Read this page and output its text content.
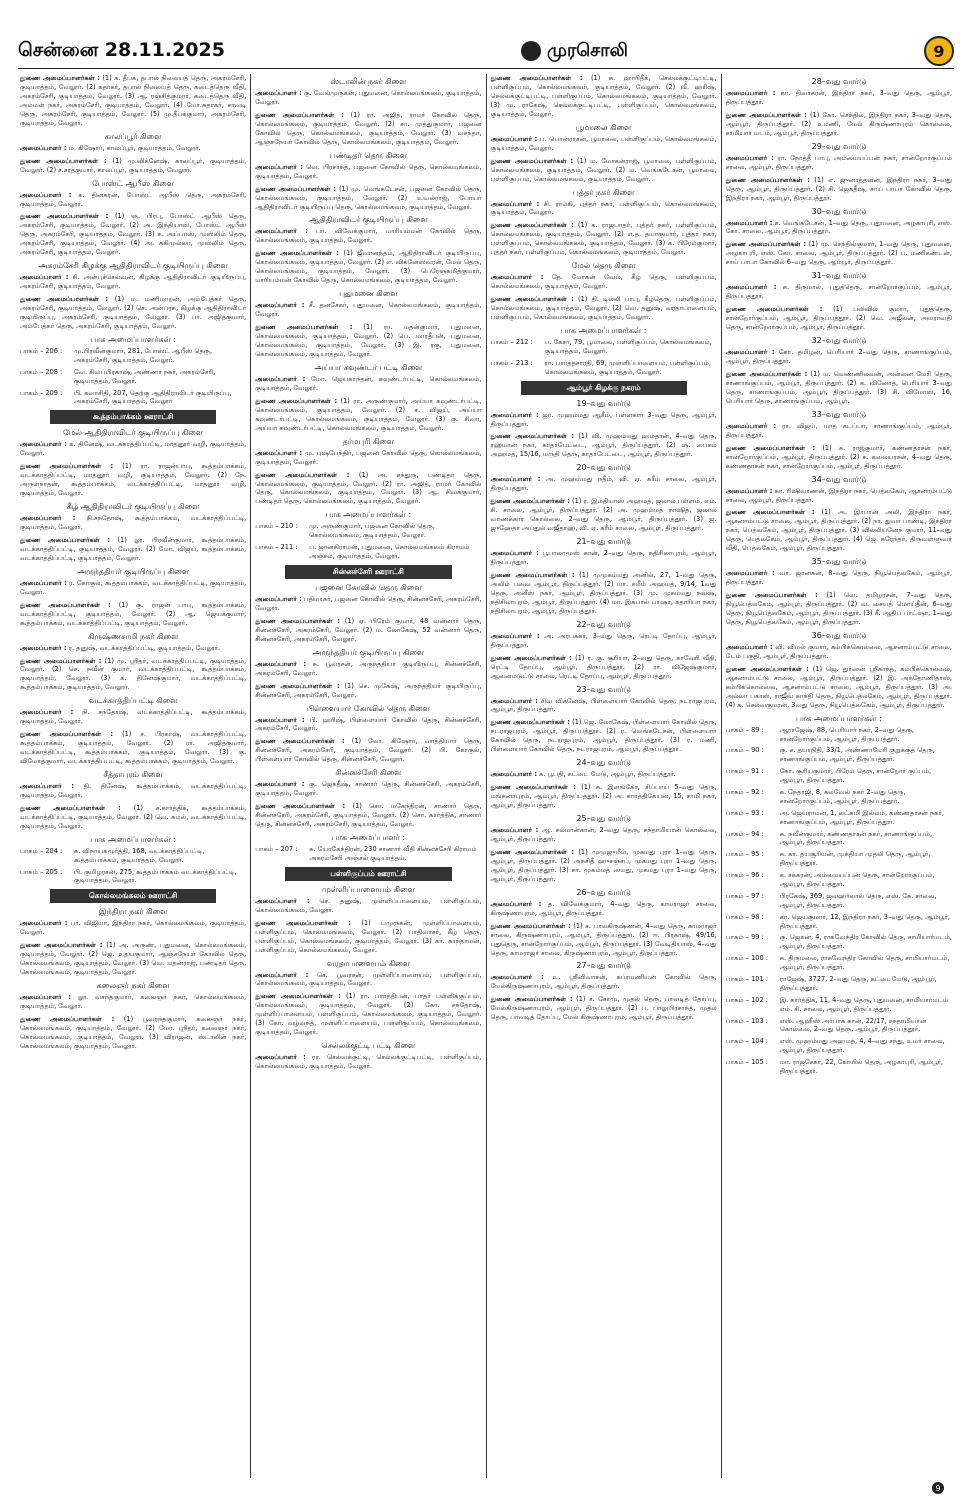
சென்னை 28.11.2025	முரசொலி	9

துணை அமைப்பாளர்கள் : (1) க. தீபக், தபால் நிலையத் தெரு, அகரம்சேரி, குடியாத்தம், வேலூர். (2) சுதாகர், தபால் நிலையத் தெரு, கடைத்தெரு வீதி, அகரம்சேரி, குடியாத்தம், வேலூர். (3) ஆ. ரஞ்சித்குமார், கடைத்தெரு வீதி, அம்மன் நகர், அகரம்சேரி, குடியாத்தம், வேலூர். (4) மோ.சுதாகர், சாவடி தெரு, அகரம்சேரி, குடியாத்தம், வேலூர். (5) மு.தீபக்குமார், அகரம்சேரி, குடியாத்தம், வேலூர்.

காலப்பூர் கிளை

அமைப்பாளர் : ம. கிஷோர், காலப்பூர், குடியாத்தம், வேலூர்.

துணை அமைப்பாளர்கள் : (1) மு.விக்னேஷ், காலப்பூர், குடியாத்தம், வேலூர். (2) ச.சரத்குமார், காலப்பூர், குடியாத்தம், வேலூர்.

போஸ்ட் ஆபீஸ் கிளை

அமைப்பாளர் : க. தினகரன், போஸ்ட் ஆபீஸ் தெரு, அகரம்சேரி, குடியாத்தம், வேலூர்.

துணை அமைப்பாளர்கள் : (1) ஞ. பிரபு, போஸ்ட் ஆபீஸ் தெரு, அகரம்சேரி, குடியாத்தம், வேலூர். (2) அ. இந்தியாஸ், போஸ்ட் ஆபீஸ் தெரு, அகரம்சேரி, குடியாத்தம், வேலூர். (3) க. அப்பாஸ், முஸ்லிம் தெரு, அகரம்சேரி, குடியாத்தம், வேலூர். (4) அ. சுகிமுல்லா, முஸ்லிம் தெரு, அகரம்சேரி, குடியாத்தம், வேலூர்.

அகரம்சேரி கிழக்கு ஆதிதிராவிடர் குடியிருப்பு கிளை

அமைப்பாளர் : சி. அன்புச்செல்வன், கிழக்கு ஆதிதிராவிடர் குடியிருப்பு, அகரம்சேரி, குடியாத்தம், வேலூர்.

துணை அமைப்பாளர்கள் : (1) ம. மணிமாறன், அம்பேத்கர் தெரு, அகரம்சேரி, குடியாத்தம், வேலூர். (2) செ. அன்பரசு, கிழக்கு ஆதிதிராவிடர் குடியிருப்பு, அகரம்சேரி, குடியாத்தம், வேலூர். (3) பா. அஜித்குமார், அம்பேத்கர் தெரு, அகரம்சேரி, குடியாத்தம், வேலூர்.

பாக அமைப்பாளர்கள் :
பாகம் – 206 :	மு.பிரவீன்குமார், 281, போஸ்ட் ஆபீஸ் தெரு, அகரம்சேரி, குடியாத்தம், வேலூர்.
பாகம் – 208 :	வே. சிவப்பிரகாஷ், அண்ணா நகர், அகரம்சேரி, குடியாத்தம், வேலூர்.
பாகம் – 209 :	பி. கவாசிதி, 207, தெற்கு ஆதிதிராவிடர் குடியிருப்பு, அகரம்சேரி, குடியாத்தம், வேலூர்
கூத்தம்பாக்கம் ஊராட்சி
மேல் ஆதிதிராவிடர் குடியிருப்பு கிளை

அமைப்பாளர் : க. தினேஷ், வடக்காத்திப்பட்டி, மாதனூர் வழி, குடியாத்தம், வேலூர்.

துணை அமைப்பாளர்கள் : (1) ரா. ராஜன்பாபு, கூத்தம்பாக்கம், வடக்காத்திப்பட்டி, மாதனூர் வழி, குடியாத்தம், வேலூர். (2) நே. அருள்நாதன், கூத்தம்பாக்கம், வடக்காத்திப்பட்டி, மாதனூர் வழி, குடியாத்தம், வேலூர்.

கீழ் ஆதிதிராவிடர் குடியிருப்பு கிளை

அமைப்பாளர் : நி.சந்தோஷ், கூத்தம்பாக்கம், வடக்காத்திப்பட்டி, குடியாத்தம், வேலூர்.

துணை அமைப்பாளர்கள் : (1) லூ. பிரவீன்குமார், கூத்தம்பாக்கம், வடக்காத்திப்பட்டி, குடியாத்தம், வேலூர். (2) மோ. விஜய், கூத்தம்பாக்கம், வடக்காத்திப்பட்டி, குடியாத்தம், வேலூர்.

அருந்ததியர் குடியிருப்பு கிளை

அமைப்பாளர் : ர. கோகுல், கூத்தம்பாக்கம், வடக்காத்திப்பட்டி, குடியாத்தம், வேலூர்.

துணை அமைப்பாளர்கள் : (1) கு. ராஜன் பாபு, கூத்தம்பாக்கம், வடக்காத்திப்பட்டி, குடியாத்தம், வேலூர். (2) ஆ. ஜெயக்குமார், கூத்தம்பாக்கம், வடக்காத்திப்பட்டி, குடியாத்தம், வேலூர்.

கிருஷ்ணசாமி நகர் கிளை

அமைப்பாளர் : ர. தனுஷ், வடக்காத்திப்பட்டி, குடியாத்தம், வேலூர்.

துணை அமைப்பாளர்கள் : (1) மு. ஸ்ரீதர், வடக்காத்திப்பட்டி, குடியாத்தம், வேலூர். (2) செ. நவீன் குமார், வடக்காத்திப்பட்டி, கூத்தம்பாக்கம், குடியாத்தம், வேலூர். (3) சு. தினேஷ்குமார், வடக்காத்திப்பட்டி, கூத்தம்பாக்கம், குடியாத்தம், வேலூர்.

வடக்காத்திப்பட்டி கிளை

அமைப்பாளர் : நி. சந்தோஷ், வடக்காத்திப்பட்டி, கூத்தம்பாக்கம், குடியாத்தம், வேலூர்.

துணை அமைப்பாளர்கள் : (1) ச. பிரகாஷ், வடக்காத்திப்பட்டி, கூத்தம்பாக்கம், குடியாத்தம், வேலூர். (2) ரா. அஜித்குமார், வடக்காத்திப்பட்டி, கூத்தம்பாக்கம், குடியாத்தம், வேலூர். (3) கு. விமோத்குமார், வடக்காத்திப்பட்டி, கூத்தம்பாக்கம், குடியாத்தம், வேலூர்.

சீத்தாபுரம் கிளை

அமைப்பாளர் : தி. தினேஷ், கூத்தம்பாக்கம், வடக்காத்திப்பட்டி, குடியாத்தம், வேலூர்.

துணை அமைப்பாளர்கள் : (1) ச.கார்த்திக், கூத்தம்பாக்கம், வடக்காத்திப்பட்டி, குடியாத்தம், வேலூர். (2) வெ. சுமல், வடக்காத்திப்பட்டி, குடியாத்தம், வேலூர்.

பாக அமைப்பாளர்கள் :
பாகம் – 204 :	க. விநாயகமூர்த்தி, 168, வடக்காத்திப்பட்டி, கூத்தம்பாக்கம், குடியாத்தம், வேலூர்.
பாகம் – 205 :	பி. குமிழரசன், 275, கூத்தம்பாக்கம் வடக்காத்திப்பட்டி, குடியாத்தம், வேலூர்.
கொல்லமங்கலம் ஊராட்சி
இந்திரா நகர் கிளை

அமைப்பாளர் : பா. விஜியா, இந்திரா நகர், கொல்லமங்கலம், குடியாத்தம், வேலூர்.

துணை அமைப்பாளர்கள் : (1) அ. அருண், புதுமனை, கொல்லமங்கலம், குடியாத்தம், வேலூர். (2) ஜெ. உதயகுமார், ஆஞ்சநேயர் கோவில் தெரு, கொல்லமங்கலம், குடியாத்தம், வேலூர். (3) வெ. மதன்ராஜ், பண்டிதர் தெரு, கொல்லமங்கலம், குடியாத்தம், வேலூர்.

கலைஞர் நகர் கிளை

அமைப்பாளர் : லூ. வசந்தகுமார், கலைஞர் நகர், கொல்லமங்கலம், குடியாத்தம், வேலூர்.

துணை அமைப்பாளர்கள் : (1) பூவரந்தகுமார், கலைஞர் நகர், கொல்லமங்கலம், குடியாத்தம், வேலூர். (2) மோ. ஸ்ரீதர், கலைஞர் நகர், கொல்லமங்கலம், குடியாத்தம், வேலூர். (3) விராஜன், ஸ்டாலின் நகர், கொல்லமங்கலம், குடியாத்தம், வேலூர்.

ஸ்டாலின் நகர் கிளை

அமைப்பாளர் : கு. வேல்முருகன், புதுமனை, கொல்லமங்கலம், குடியாத்தம், வேலூர்.

துணை அமைப்பாளர்கள் : (1) ரா. அஜித், ராமர் கோவில் தெரு, கொல்லமங்கலம், குடியாத்தம், வேலூர். (2) சா. முத்துகுமார், பஜனை கோவில் தெரு, கொல்லமங்கலம், குடியாத்தம், வேலூர். (3) வசந்தா, ஆஞ்சநேயர் கோவில் தெரு, கொல்லமங்கலம், குடியாத்தம், வேலூர்.

பண்டிதர் தெரு கிளை

அமைப்பாளர் : வெ. பிரசாந்த், பஜனை கோவில் தெரு, கொல்லமங்கலம், குடியாத்தம், வேலூர்.

துணை அமைப்பாளர்கள் : (1) மு. வெங்கடேசன், பஜனை கோவில் தெரு, கொல்லமங்கலம், குடியாத்தம், வேலூர். (2) உவல்ராஜ், போயர் ஆதிதிராவிடர் குடியிருப்பு தெரு, கொல்லமங்கலம், குடியாத்தம், வேலூர்.

ஆதிதிராவிடர் குடியிருப்பு கிளை

அமைப்பாளர் : பா. விவேக்குமார், மாரியம்மன் கோவில் தெரு, கொல்லமங்கலம், குடியாத்தம், வேலூர்.

துணை அமைப்பாளர்கள் : (1) ஜீவானந்தம், ஆதிதிராவிடர் குடியிருப்பு, கொல்லமங்கலம், குடியாத்தம், வேலூர். (2) எ. விக்னேஸ்வரன், மேல் தெரு, கொல்லமங்கலம், குடியாத்தம், வேலூர். (3) பெரேஞ்சுமித்குமார், மாரியம்மன் கோவில் தெரு, கொல்லமங்கலம், குடியாத்தம், வேலூர்.

புதுமனை கிளை

அமைப்பாளர் : சீ. தனசேகர், புதுமனை, கொல்லமங்கலம், குடியாத்தம், வேலூர்.

துணை அமைப்பாளர்கள் : (1) ரா. மதன்குமார், புதுமனை, கொல்லமங்கலம், குடியாத்தம், வேலூர். (2) பெ. மாரதீபன், புதுமனை, கொல்லமங்கலம், குடியாத்தம், வேலூர். (3) இ. ரகு, புதுமனை, கொல்லமங்கலம், குடியாத்தம், வேலூர்.

அய்யா கவுண்டர் பட்டி கிளை

அமைப்பாளர் : மோ. ஜெயகாந்தன், கவுண்டர்பட்டி, கொல்லமங்கலம், குடியாத்தம், வேலூர்.

துணை அமைப்பாளர்கள் : (1) ரா. அருண்குமார், அய்யா கவுண்டர்பட்டி, கொல்லமங்கலம், குடியாத்தம், வேலூர். (2) ச. விஜய், அய்யா கவுண்டர்பட்டி, கொல்லமங்கலம், குடியாத்தம், வேலூர். (3) கு. சிவா, அய்யா கவுண்டர்பட்டி, கொல்லமங்கலம், குடியாத்தம், வேலூர்.

தர்மபுரி கிளை

அமைப்பாளர் : மு. புஷ்பேந்திர், பஜனை கோவில் தெரு, கொல்லமங்கலம், குடியாத்தம், வேலூர்.

துணை அமைப்பாளர்கள் : (1) அ. சந்துரு, பண்டிதர் தெரு, கொல்லமங்கலம், குடியாத்தம், வேலூர். (2) ரா. அஜித், ராமர் கோவில் தெரு, கொல்லமங்கலம், குடியாத்தம், வேலூர். (3) ஆ. சிவக்குமார், பண்டிதர் தெரு, கொல்லமங்கலம், குடியாத்தம், வேலூர்.

பாக அமைப்பாளர்கள் :
பாகம் – 210 :	மு. அருண்குமார், பஜனை கோவில் தெரு, கொல்லமங்கலம், குடியாத்தம், வேலூர்.
பாகம் – 211 :	ப. ஜானகிராமன், புதுமனை, கொல்லமங்கலம் கிராமம் அஞ்சல், குடியாத்தம், வேலூர்.
சின்னச்சேரி ஊராட்சி
பஜனை கோவில் தெரு கிளை

அமைப்பாளர் : பதிமாசுர், பஜனை கோவில் தெரு, சின்னச்சேரி, அகரம்சேரி, வேலூர்.

துணை அமைப்பாளர்கள் : (1) ஏ. பிரேம் குமார், 48 வன்னார் தெரு, சின்னச்சேரி, அகரம்சேரி, வேலூர். (2) ம. லோகேஷ், 52 வன்னார் தெரு, சின்னச்சேரி, அகரம்சேரி, வேலூர்.

அருந்ததியர் குடியிருப்பு கிளை

அமைப்பாளர் : சு. பூவரசன், அருந்ததியர் குடியிருப்பு, சின்னச்சேரி, அகரம்சேரி, வேலூர்.

துணை அமைப்பாளர்கள் : (1) செ. முகேஷ், அருந்ததியர் குடியிருப்பு, சின்னச்சேரி, அகரம்சேரி, வேலூர்.

பிள்ளையார் கோவில் தெரு கிளை

அமைப்பாளர் : பி. ஹரிஷ், பிள்ளையார் கோவில் தெரு, சின்னச்சேரி, அகரம்சேரி, வேலூர்.

துணை அமைப்பாளர்கள் : (1) லோ. கிஷோர், வாத்தியார் தெரு, சின்னச்சேரி, அகரம்சேரி, குடியாத்தம், வேலூர். (2) பி. கோகுல், பிள்ளையார் கோவில் தெரு, சின்னச்சேரி, வேலூர்.

சின்னச்சேரி கிளை

அமைப்பாளர் : கு. ஜெகதீஷ், சாணார் தெரு, சின்னச்சேரி, அகரம்சேரி, குடியாத்தம், வேலூர்.

துணை அமைப்பாளர்கள் : (1) சொ. மகேந்திரன், சாணார் தெரு, சின்னச்சேரி, அகரம்சேரி, குடியாத்தம், வேலூர். (2) சொ. கார்த்திக், சாணார் தெரு, சின்னச்சேரி, அகரம்சேரி, குடியாத்தம், வேலூர்.

பாக அமைப்பாளர் :
பாகம் – 207 :	சு. யோகேந்திரன், 230 சாணார் வீதி சின்னச்சேரி கிராமம் அகரம்சேரி அஞ்சல் குடியாத்தம்.
பள்ளிகுப்பம் ஊராட்சி
முள்ளிப்பாளையம் கிளை

அமைப்பாளர் : செ. தனுஷ், முள்ளிப்பாளையம், பள்ளிகுப்பம், கொல்லமங்கலம், வேலூர்.

துணை அமைப்பாளர்கள் : (1) பமுருகன், முள்ளிப்பாளையம், பள்ளிகுப்பம், கொல்லமங்கலம், வேலூர். (2) பாதிவாசர், கீழ் தெரு, பள்ளிகுப்பம், கொல்லமங்கலம், குடியாத்தம், வேலூர். (3) கா. காந்தாமன், பள்ளிகுப்பம், கொல்லமங்கலம், வேலூர்.

வரதாபாளையம் கிளை

அமைப்பாளர் : செ. பூவரசன், முள்ளிப்பாளையம், பள்ளிகுப்பம், கொல்லமங்கலம், குடியாத்தம், வேலூர்.

துணை அமைப்பாளர்கள் : (1) ரா. பார்த்திபன், பாதர் பள்ளிக்குப்பம், கொல்லமங்கலம், குடியாத்தம், வேலூர். (2) கோ. சந்தோஷ், முள்ளிப்பாளையம், பள்ளிகுப்பம், கொல்லமங்கலம், குடியாத்தம், வேலூர். (3) கோ. வழ்வந்த், முள்ளிப்பாளையம், பள்ளிகுப்பம், கொல்லமங்கலம், குடியாத்தம், வேலூர்.

செல்லக்குட்டி பட்டி கிளை

அமைப்பாளர் : ரா. செல்வக்குட்டி, செல்லக்குட்டிபட்டி, பள்ளிகுப்பம், கொல்லமங்கலம், குடியாத்தம், வேலூர்.

துணை அமைப்பாளர்கள் : (1) சு. ஹாரிதீக், செல்லக்குட்டிபட்டி, பள்ளிகுப்பம், கொல்லமங்கலம், குடியாத்தம், வேலூர். (2) வீ. ஹரிஷ், செல்லக்குட்டிபட்டி, பள்ளிகுப்பம், கொல்லமங்கலம், குடியாத்தம், வேலூர். (3) மு. ராகேஷ், செல்லக்குட்டிபட்டி, பள்ளிகுப்பம், கொல்லமங்கலம், குடியாத்தம், வேலூர்.

பூமாலை கிளை

அமைப்பாளர் : ப. பொன்ராசன், பூமாலை, பள்ளிகுப்பம், கொல்லமங்கலம், குடியாத்தம், வேலூர்.

துணை அமைப்பாளர்கள் : (1) ம. மோகன்ராஜ், பூமாலை, பள்ளிகுப்பம், கொல்லமங்கலம், குடியாத்தம், வேலூர். (2) ம. வெங்கடேசன், பூமாலை, பள்ளிகுப்பம், கொல்லமங்கலம், குடியாத்தம், வேலூர்.

புத்தர் நகர் கிளை

அமைப்பாளர் : சி. ராம்கி, புத்தர் நகர், பள்ளிகுப்பம், கொல்லமங்கலம், குடியாத்தம், வேலூர்.

துணை அமைப்பாளர்கள் : (1) க. ராஜபாதர், புத்தர் நகர், பள்ளிகுப்பம், கொல்லமங்கலம், குடியாத்தம், வேலூர். (2) எ.த. தயாகுமார், புத்தர் நகர், பள்ளிகுப்பம், கொல்லமங்கலம், குடியாத்தம், வேலூர். (3) க. பிரேம்குமார், புத்தர் நகர், பள்ளிகுப்பம், கொல்லமங்கலம், குடியாத்தம், வேலூர்.

மேல் தெரு கிளை

அமைப்பாளர் : தே. மோகன் வேல், கீழ் தெரு, பள்ளிகுப்பம், கொல்லமங்கலம், குடியாத்தம், வேலூர்.

துணை அமைப்பாளர்கள் : (1) தி. டில்லி பாபு, கீழ்தெரு, பள்ளிகுப்பம், கொல்லமங்கலம், குடியாத்தம், வேலூர். (2) வெ. தனுஷ், வரதாபாளையம், பள்ளிகுப்பம், கொல்லமங்கலம், குடியாத்தம், வேலூர்.

பாக அமைப்பாளர்கள் :
பாகம் – 212 :	ப. கேசர், 79, பூமாலை, பள்ளிகுப்பம், கொல்லமங்கலம், குடியாத்தம், வேலூர்.
பாகம் – 213 :	ரா. பார்த்தசாரதி, 69, முள்ளிப்பாளையம், பள்ளிகுப்பம், கொல்லமங்கலம், குடியாத்தம், வேலூர்.
ஆம்பூர் கிழக்கு நகரம்
19–வது வார்டு

அமைப்பாளர் : ஜா. முஹம்மது ஆசீம், பள்ளகார் 3–வது தெரு, ஆம்பூர், திருப்பத்தூர்.

துணை அமைப்பாளர்கள் : (1) வி. முஹம்மது ஹம்தான், 4–வது தெரு, ரஹ்மான் நகர், காதர்பேட்டை, ஆம்பூர், திருப்பத்தூர். (2) ஷ. பைசல் அஹமத், 15/16, மருதி தெரு, காதர்பேட்டை, ஆம்பூர், திருப்பத்தூர்.

20–வது வார்டு

அமைப்பாளர் : அ. முஹம்மது நதீம், வி. ஏ. கரீம் சாலை, ஆம்பூர், திருப்பத்தூர்.

துணை அமைப்பாளர்கள் : (1) ர. இம்தியாஸ் அஹமத், ஜலால் பள்ளம், எம். சி. சாலை, ஆம்பூர், திருப்பத்தூர். (2) அ. முஹம்மத் நாஷித், ஜலால் வாணக்கார கொல்லை, 2–வது தெரு, ஆம்பூர், திருப்பத்தூர். (3) ஜ. ஜுஹேதா அப்துல் வஜீதாஹ், வி. ஏ. கரீம் சாலை, ஆம்பூர், திருப்பத்தூர்.

21–வது வார்டு

அமைப்பாளர் : பூபாலாமூஸ் கான், 2–வது தெரு, நதிசிலாபுரம், ஆம்பூர், திருப்பத்தூர்.

துணை அமைப்பாளர்கள் : (1) முமுகம்மது அனில், 27, 1–வது தெரு, அலிம் பவை ஆம்பூர், திருப்பத்தூர். (2) யா. சமீம் அஹமத், 9/14, 1வது தெரு, அனீஸ் நகர், ஆம்பூர், திருப்பத்தூர். (3) மு. முகம்மது நவ்ஷ், நதிசிலாபுரம், ஆம்பூர், திருப்பத்தூர். (4) மா. இக்பால் பாஷா, சுதாரிபா நகர், நதிசிலாபுரம், ஆம்பூர், திருப்பத்தூர்.

22–வது வார்டு

அமைப்பாளர் : அ. அரபக்கர், 3–வது தெரு, ரெட்டி தோப்பு, ஆம்பூர், திருப்பத்தூர்.

துணை அமைப்பாளர்கள் : (1) ர. கு. சூரியா, 2–வது தெரு, காவேரி வீதி, ரெட்டி தோப்பு, ஆம்பூர், திருப்பத்தூர். (2) ரா. விஜேஷ்குமார், ஆனைமடுட்டு சாலை, ரெட்டி தோப்பு, ஆம்பூர், திருப்பத்தூர்.

23–வது வார்டு

அமைப்பாளர் : சிவ விக்னேஷ், பிள்ளையார் கோவில் தெரு, நடராஜபுரம், ஆம்பூர், திருப்பத்தூர்.

துணை அமைப்பாளர்கள் : (1) ஜெ. லோகேஷ், பிள்ளையார் கோவில் தெரு, நடராஜபுரம், ஆம்பூர், திருப்பத்தூர். (2) ர. வெங்கடேசன், பிள்ளையார் கோவில் தெரு, நடராஜபுரம், ஆம்பூர், திருப்பத்தூர். (3) ர. மணி, பிள்ளையார் கோவில் தெரு, நடராஜபுரம், ஆம்பூர், திருப்பத்தூர்.

24–வது வார்டு

அமைப்பாளர் : சு. பூபதி, கட்டை மேடு, ஆம்பூர், திருப்பத்தூர்.

துணை அமைப்பாளர்கள் : (1) சு. இளங்கோ, சிப்பாய் 5–வது தெரு, மங்கனாபுரம், ஆம்பூர், திருப்பத்தூர். (2) அ. கார்த்திகேயன், 15, சாமி நகர், ஆம்பூர், திருப்பத்தூர்.

25–வது வார்டு

அமைப்பாளர் : ஆ. சல்மான்கான், 2–வது தெரு, சந்தாமியான் கொல்லை, ஆம்பூர், திருப்பத்தூர்.

துணை அமைப்பாளர்கள் : (1) முமுஜுமீம், முகமது புரா 1–வது தெரு, ஆம்பூர், திருப்பத்தூர். (2) அநசிதீ ஹுசஞ்சப், முகமது புரா 1–வது தெரு, ஆம்பூர், திருப்பத்தூர். (3) சா. முகம்மத் ஸமது, முகமது புரா 1–வது தெரு, ஆம்பூர், திருப்பத்தூர்.

26–வது வார்டு

அமைப்பாளர் : த. விவேக்குமார், 4–வது தெரு, காமராஜர் சாலை, கிருஷ்ணாபுரம், ஆம்பூர், திருப்பத்தூர்.

துணை அமைப்பாளர்கள் : (1) ச. பாலகிருஷ்ணன், 4–வது தெரு, காமராஜர் சாலை, கிருஷ்ணாபுரம், ஆம்பூர், திருப்பத்தூர். (2) ஈ. பிரகாஷ், 49/16, புதுதெரு, சான்றோர்குப்பம், ஆம்பூர், திருப்பத்தூர். (3) வேடிதியாஸ், 4–வது தெரு, காமராஜர் சாலை, கிருஷ்ணாபுரம், ஆம்பூர், திருப்பத்தூர்.

27–வது வார்டு

அமைப்பாளர் : உ. ஸ்ரீனிவாசன், சுப்ரமணியன் கோவில் தெரு, மேல்கிருஷ்ணாபுரம், ஆம்பூர், திருப்பத்தூர்.

துணை அமைப்பாளர்கள் : (1) ச. சோமு, முதல் தெரு, பாவடித் தோப்பு, மேல்கிருஷ்ணாபுரம், ஆம்பூர், திருப்பத்தூர். (2) ப. பாலுபிரசாந்த், முதல் தெரு, பாவடித் தோப்பு, மேல் கிருஷ்ணாபுரம், ஆம்பூர், திருப்பத்தூர்.

28–வது வார்டு

அமைப்பாளர் : கா. திவாகரன், இந்திரா நகர், 3–வது தெரு, ஆம்பூர், திருப்பத்தூர்.

துணை அமைப்பாளர்கள் : (1) கோ. செந்தில், இந்திரா நகர், 3–வது தெரு, ஆம்பூர், திருப்பத்தூர். (2) உமணி, மேல் கிருஷ்ணாபுரம் கொல்லை, சாமியார் மடம், ஆம்பூர், திருப்பத்தூர்.

29–வது வார்டு

அமைப்பாளர் : ரா. நோத்தீ பாபு, அம்மையப்பன் நகர், சான்றோர்குப்பம் சாலை, ஆம்பூர், திருப்பத்தூர்.

துணை அமைப்பாளர்கள் : (1) எ. ஜுனாத்தனன், இந்திரா நகர், 3–வது தெரு, ஆம்பூர், திருப்பத்தூர். (2) சி. ஜெகதீஷ், சாய் பாபா கோவில் தெரு, இந்திரா நகர், ஆம்பூர், திருப்பத்தூர்.

30–வது வார்டு

அமைப்பாளர் : ச. வெங்கடேசன், 1–வது தெரு, புதுமனை, அழகாபுரி, எஸ். கோ. சாலை, ஆம்பூர், திருப்பத்தூர்.

துணை அமைப்பாளர்கள் : (1) மு. செந்தில்குமார், 1–வது தெரு, புதுமனை, அழகாபுரி, எஸ். கோ. சாலை, ஆம்பூர், திருப்பத்தூர். (2) ப. மணிகண்டன், சாய் பாபா கோவில் 6–வது தெரு, ஆம்பூர், திருப்பத்தூர்.

31–வது வார்டு

அமைப்பாளர் : சு. திருமால், புதுத்தெரு, சான்றோர்குப்பம், ஆம்பூர், திருப்பத்தூர்.

துணை அமைப்பாளர்கள் : (1) பலிவில் குமார், புதுத்தெரு, சான்றோர்குப்பம், ஆம்பூர், திருப்பத்தூர். (2) வெ. அஜீலன், அமராவதி தெரு, சான்றோர்குப்பம், ஆம்பூர், திருப்பத்தூர்.

32–வது வார்டு

அமைப்பாளர் : கோ. தமிழன், பெரியார் 2–வது தெரு, சாணாங்குப்பம், ஆம்பூர், திருப்பத்தூர்.

துணை அமைப்பாளர்கள் : (1) ம. வெண்ணிலவன், அன்னை மேரி தெரு, சாணாங்குப்பம், ஆம்பூர், திருப்பத்தூர். (2) க. வினோத், பெரியார் 3–வது தெரு, சாணாங்குப்பம், ஆம்பூர், திருப்பத்தூர். (3) சி. விமோஸ், 16, பெரியார் தெரு, சாணாங்குப்பம், ஆம்பூர்.

33–வது வார்டு

அமைப்பாளர் : ரா. விஜய், மாத கடப்பா, சாணாங்குப்பம், ஆம்பூர், திருப்பத்தூர்.

துணை அமைப்பாளர்கள் : (1) சு. ராஜ்குமார், கண்ணதாசன் நகர், சான்றோர்குப்பம், ஆம்பூர், திருப்பத்தூர். (2) க. கலையரசன், 4–வது தெரு, கண்ணதாசன் நகர், சான்றோர்குப்பம், ஆம்பூர், திருப்பத்தூர்.

34–வது வார்டு

அமைப்பாளர் : கா. ரிஷிவாணன், இந்திரா நகர், பெத்லகேம், ஆசனாம்பட்டு சாலை, ஆம்பூர், திருப்பத்தூர்.

துணை அமைப்பாளர்கள் : (1) அ. இர்பான் அலி, இந்திரா நகர், ஆசனாம்பட்டு சாலை, ஆம்பூர், திருப்பத்தூர். (2) நா. துவா பாண்டி, இந்திரா நகர், பெத்லகேம், ஆம்பூர், திருப்பத்தூர். (3) வில்லியனேந் குமார், 11–வது தெரு, பெத்லகேம், ஆம்பூர், திருப்பத்தூர். (4) ஜெ. சுரேந்தர், திருவள்ளுவர் வீதி, பெத்லகேம், ஆம்பூர், திருப்பத்தூர்.

35–வது வார்டு

அமைப்பாளர் : வா. ஜானகன், 8–வது தெரு, நியூபெத்லகேம், ஆம்பூர், திருப்பத்தூர்.

துணை அமைப்பாளர்கள் : (1) வெ. தமிழரசன், 7–வது தெரு, நியூபெத்லகேம், ஆம்பூர், திருப்பத்தூர். (2) வ. சையத் மொய்தீன், 6–வது தெரு, நியூபெத்லகேம், ஆம்பூர், திருப்பத்தூர். (3) சீ. ஆதிப் பாட்ஷா, 1–வது தெரு, நியூபெத்லகேம், ஆம்பூர், திருப்பத்தூர்.

36–வது வார்டு

அமைப்பாளர் : வி. விமல் குமார், கம்பிக்கொல்லை, ஆசனாம்பட்டு சாலை, டேம் பகுதி, ஆம்பூர், திருப்பத்தூர்.

துணை அமைப்பாளர்கள் : (1) ஜெ. துர்ஸன் ஸ்ரீகாந்த், கம்பிக்கொல்லை, ஆசனாம்பட்டு சாலை, ஆம்பூர், திருப்பத்தூர். (2) இ. அந்தோணிதாஸ், கம்பிக்கொல்லை, ஆசனாம்பட்டு சாலை, ஆம்பூர், திருப்பத்தூர். (3) அ. அல்லா பகாஸ், ராஜீவ் காந்தி தெரு, நியூபெத்லகேம், ஆம்பூர், திருப்பத்தூர். (4) க. செல்வகுமரன், 3வது தெரு, நியூபெத்லகேம், ஆம்பூர், திருப்பத்தூர்.

பாக அமைப்பாளர்கள் :
பாகம் – 89 :	ஆராஜேஷ், 88, பெரியார் நகர், 2–வது தெரு, சான்றோர்குப்பம், ஆம்பூர், திருப்பத்தூர்.
பாகம் – 90 :	கு. ச. தயாநிதி, 33/1, அண்ணாமேரி குறுக்குத் தெரு, சாணாங்குப்பம், ஆம்பூர், திருப்பத்தூர்.
பாகம் – 91 :	கோ. சூரியகுமார், பிரேம் தெரு, சான்றோர் குப்பம், ஆம்பூர், திருப்பத்தூர்.
பாகம் – 92 :	க. நேதாஜி, 8, கலவேல் நகர் 2–வது தெரு, சான்றோர்குப்பம், ஆம்பூர், திருப்பத்தூர்.
பாகம் – 93 :	அ. ஜெயராமன், 1, லட்சுமி இல்லம், கண்ணதாசன் நகர், சாணாங்குப்பம், ஆம்பூர், திருப்பத்தூர்.
பாகம் – 94 :	சு. நவீன்குமார், கண்ணதாசன் நகர், சாணாங்குப்பம், ஆம்பூர், திருப்பத்தூர்.
பாகம் – 95 :	க. கா. தயசூரியன், முக்தியா முதலி தெரு, ஆம்பூர், திருப்பத்தூர்.
பாகம் – 96 :	க. சக்கரன், அம்மையப்பன் தெரு, சான்றோர்குப்பம், ஆம்பூர், திருப்பத்தூர்.
பாகம் – 97 :	பிரகேஷ், 369, ஜவஹர்லால் தெரு, எஸ். கே. சாலை, ஆம்பூர், திருப்பத்தூர்.
பாகம் – 98 :	கா. ஜெயகுமார், 12, இந்திரா நகர், 3–வது தெரு, ஆம்பூர், திருப்பத்தூர்.
பாகம் – 99 :	கு. ஜெகன், 4, ராகவேந்திர கோவில் தெரு, சாமியார்மடம், ஆம்பூர், திருப்பத்தூர்.
பாகம் – 100 :	க. திருமலை, ராகவேந்திர கோவில் தெரு, சாமியார்மடம், ஆம்பூர், திருப்பத்தூர்.
பாகம் – 101 :	ராஜேஷ், 3727, 2–வது தெரு, கட்டைமேடு, ஆம்பூர், திருப்பத்தூர்.
பாகம் – 102 :	இ. கார்த்திக், 11, 4–வது தெரு, புதுமனை, சாமியார்மடம் எம். சி. சாலை, ஆம்பூர், திருப்பத்தூர்.
பாகம் – 103 :	எஸ். ஆஹீஸ் அர்பாக் கான், 22/17, சந்தாமியான் கொல்லை, 2–வது தெரு, ஆம்பூர், திருப்பத்தூர்.
பாகம் – 104 :	எஸ். முஹம்மது அஹமத், 4, 4–வது சந்து, உமர் சாலை, ஆம்பூர், திருப்பத்தூர்.
பாகம் – 105 :	மா. ராஜசேகர், 22, கோயில் தெரு, அழகாபுரி, ஆம்பூர், திருப்பத்தூர்.
9
